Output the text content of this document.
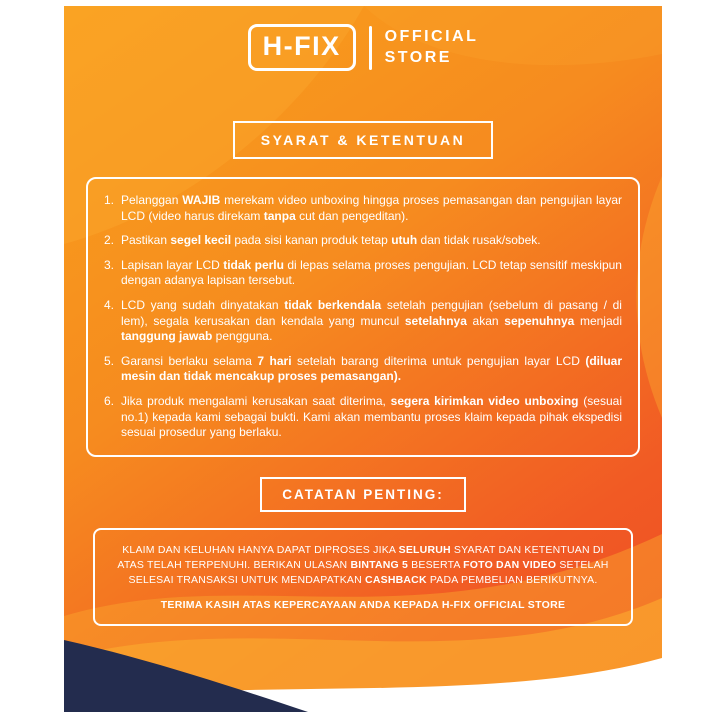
H-FIX	OFFICIAL
STORE
SYARAT & KETENTUAN
1. Pelanggan WAJIB merekam video unboxing hingga proses pemasangan dan pengujian layar LCD (video harus direkam tanpa cut dan pengeditan).
2. Pastikan segel kecil pada sisi kanan produk tetap utuh dan tidak rusak/sobek.
3. Lapisan layar LCD tidak perlu di lepas selama proses pengujian. LCD tetap sensitif meskipun dengan adanya lapisan tersebut.
4. LCD yang sudah dinyatakan tidak berkendala setelah pengujian (sebelum di pasang / di lem), segala kerusakan dan kendala yang muncul setelahnya akan sepenuhnya menjadi tanggung jawab pengguna.
5. Garansi berlaku selama 7 hari setelah barang diterima untuk pengujian layar LCD (diluar mesin dan tidak mencakup proses pemasangan).
6. Jika produk mengalami kerusakan saat diterima, segera kirimkan video unboxing (sesuai no.1) kepada kami sebagai bukti. Kami akan membantu proses klaim kepada pihak ekspedisi sesuai prosedur yang berlaku.
CATATAN PENTING:

KLAIM DAN KELUHAN HANYA DAPAT DIPROSES JIKA SELURUH SYARAT DAN KETENTUAN DI ATAS TELAH TERPENUHI. BERIKAN ULASAN BINTANG 5 BESERTA FOTO DAN VIDEO SETELAH SELESAI TRANSAKSI UNTUK MENDAPATKAN CASHBACK PADA PEMBELIAN BERIKUTNYA.

TERIMA KASIH ATAS KEPERCAYAAN ANDA KEPADA H-FIX OFFICIAL STORE
